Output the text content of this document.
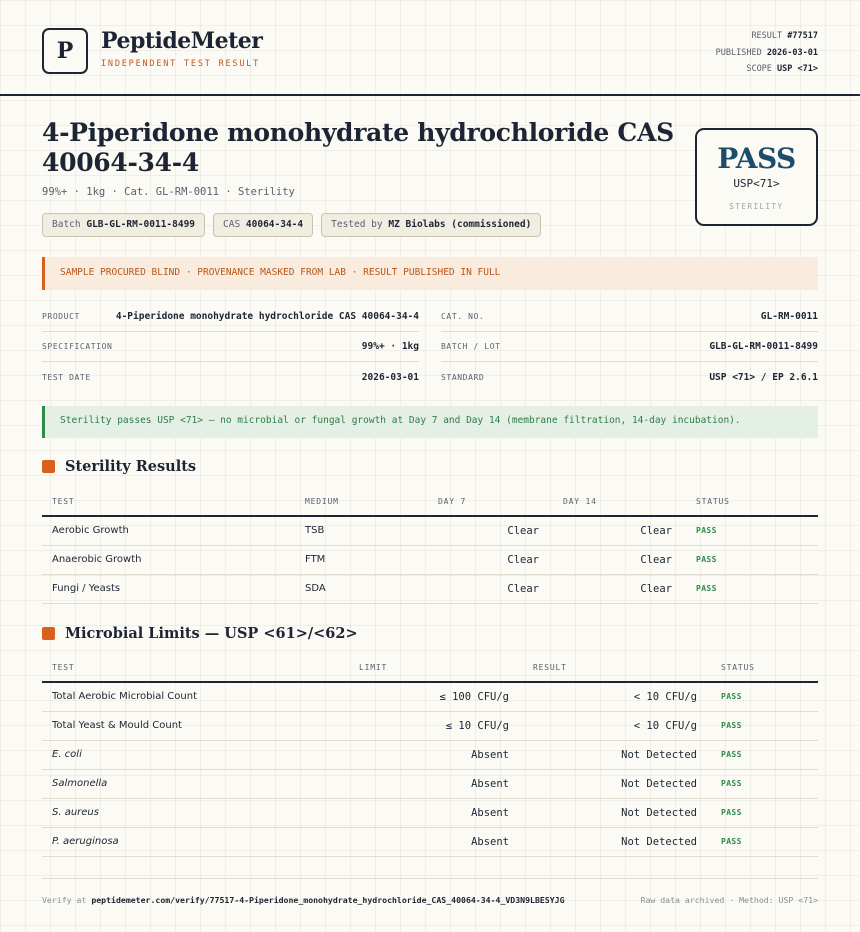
P PeptideMeter
INDEPENDENT TEST RESULT
RESULT #77517
PUBLISHED 2026-03-01
SCOPE USP <71>
4-Piperidone monohydrate hydrochloride CAS 40064-34-4
99%+ · 1kg · Cat. GL-RM-0011 · Sterility
Batch GLB-GL-RM-0011-8499	CAS 40064-34-4	Tested by MZ Biolabs (commissioned)
PASS
USP<71>
STERILITY
SAMPLE PROCURED BLIND · PROVENANCE MASKED FROM LAB · RESULT PUBLISHED IN FULL
PRODUCT	4-Piperidone monohydrate hydrochloride CAS 40064-34-4
SPECIFICATION	99%+ · 1kg
TEST DATE	2026-03-01
CAT. NO.	GL-RM-0011
BATCH / LOT	GLB-GL-RM-0011-8499
STANDARD	USP <71> / EP 2.6.1
Sterility passes USP <71> — no microbial or fungal growth at Day 7 and Day 14 (membrane filtration, 14-day incubation).
Sterility Results
TEST	MEDIUM	DAY 7	DAY 14	STATUS
Aerobic Growth	TSB	Clear	Clear	PASS
Anaerobic Growth	FTM	Clear	Clear	PASS
Fungi / Yeasts	SDA	Clear	Clear	PASS
Microbial Limits — USP <61>/<62>
TEST	LIMIT	RESULT	STATUS
Total Aerobic Microbial Count	≤ 100 CFU/g	< 10 CFU/g	PASS
Total Yeast & Mould Count	≤ 10 CFU/g	< 10 CFU/g	PASS
E. coli	Absent	Not Detected	PASS
Salmonella	Absent	Not Detected	PASS
S. aureus	Absent	Not Detected	PASS
P. aeruginosa	Absent	Not Detected	PASS
Verify at peptidemeter.com/verify/77517-4-Piperidone_monohydrate_hydrochloride_CAS_40064-34-4_VD3N9LBESYJG	Raw data archived · Method: USP <71>
